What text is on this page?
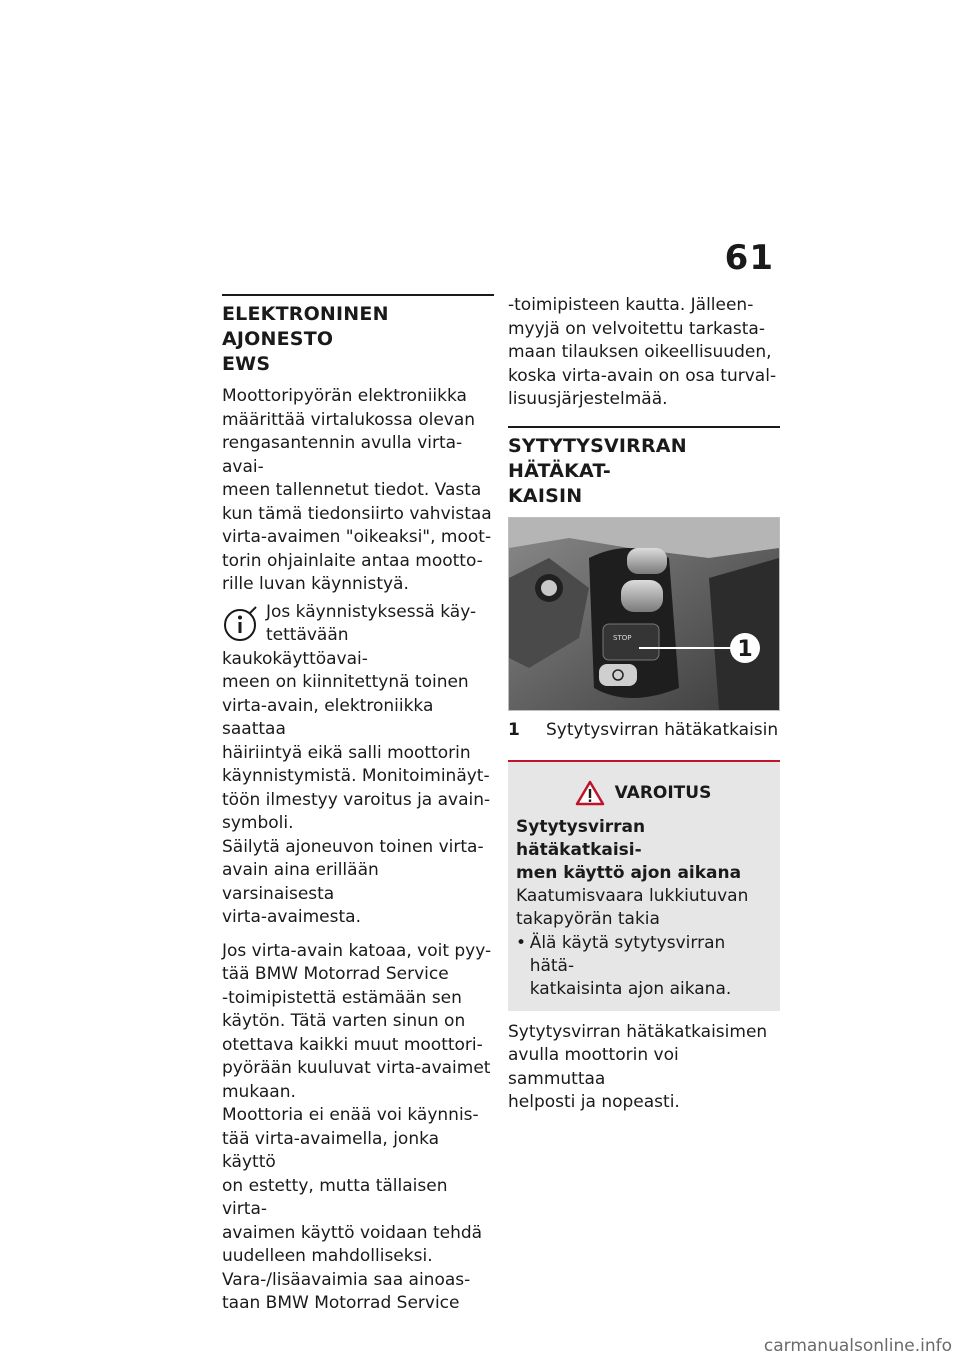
61
ELEKTRONINEN AJONESTO
EWS

Moottoripyörän elektroniikka
määrittää virtalukossa olevan
rengasantennin avulla virta-avai-
meen tallennetut tiedot. Vasta
kun tämä tiedonsiirto vahvistaa
virta-avaimen "oikeaksi", moot-
torin ohjainlaite antaa mootto-
rille luvan käynnistyä.

Jos käynnistyksessä käy-
tettävään kaukokäyttöavai-
meen on kiinnitettynä toinen
virta-avain, elektroniikka saattaa
häiriintyä eikä salli moottorin
käynnistymistä. Monitoiminäyt-
töön ilmestyy varoitus ja avain-
symboli.

Säilytä ajoneuvon toinen virta-
avain aina erillään varsinaisesta
virta-avaimesta.

Jos virta-avain katoaa, voit pyy-
tää BMW Motorrad Service
-toimipistettä estämään sen
käytön. Tätä varten sinun on
otettava kaikki muut moottori-
pyörään kuuluvat virta-avaimet
mukaan.

Moottoria ei enää voi käynnis-
tää virta-avaimella, jonka käyttö
on estetty, mutta tällaisen virta-
avaimen käyttö voidaan tehdä
uudelleen mahdolliseksi.

Vara-/lisäavaimia saa ainoas-
taan BMW Motorrad Service

-toimipisteen kautta. Jälleen-
myyjä on velvoitettu tarkasta-
maan tilauksen oikeellisuuden,
koska virta-avain on osa turval-
lisuusjärjestelmää.

SYTYTYSVIRRAN HÄTÄKAT-
KAISIN
STOP	1
1	Sytytysvirran hätäkatkaisin
VAROITUS
Sytytysvirran hätäkatkaisi-
men käyttö ajon aikana

Kaatumisvaara lukkiutuvan
takapyörän takia

• Älä käytä sytytysvirran hätä-
katkaisinta ajon aikana.

Sytytysvirran hätäkatkaisimen
avulla moottorin voi sammuttaa
helposti ja nopeasti.

carmanualsonline.info
